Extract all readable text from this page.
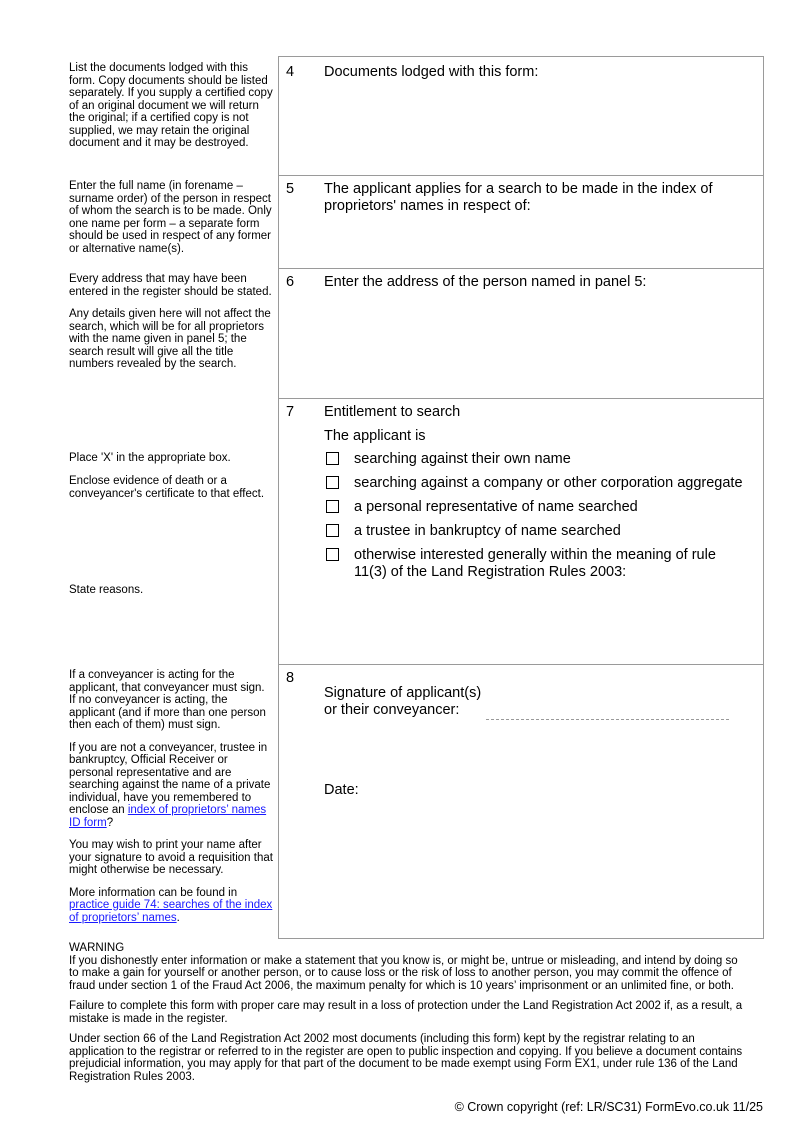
List the documents lodged with this form. Copy documents should be listed separately. If you supply a certified copy of an original document we will return the original; if a certified copy is not supplied, we may retain the original document and it may be destroyed.

Enter the full name (in forename – surname order) of the person in respect of whom the search is to be made. Only one name per form – a separate form should be used in respect of any former or alternative name(s).

Every address that may have been entered in the register should be stated.

Any details given here will not affect the search, which will be for all proprietors with the name given in panel 5; the search result will give all the title numbers revealed by the search.

Place 'X' in the appropriate box.

Enclose evidence of death or a conveyancer's certificate to that effect.

State reasons.

If a conveyancer is acting for the applicant, that conveyancer must sign. If no conveyancer is acting, the applicant (and if more than one person then each of them) must sign.

If you are not a conveyancer, trustee in bankruptcy, Official Receiver or personal representative and are searching against the name of a private individual, have you remembered to enclose an index of proprietors’ names ID form?

You may wish to print your name after your signature to avoid a requisition that might otherwise be necessary.

More information can be found in practice guide 74: searches of the index of proprietors’ names.

4 Documents lodged with this form:
5 The applicant applies for a search to be made in the index of proprietors' names in respect of:
6 Enter the address of the person named in panel 5:
7 Entitlement to search
The applicant is
searching against their own name
searching against a company or other corporation aggregate
a personal representative of name searched
a trustee in bankruptcy of name searched
otherwise interested generally within the meaning of rule 11(3) of the Land Registration Rules 2003:
8
Signature of applicant(s)
or their conveyancer:
Date:

WARNING

If you dishonestly enter information or make a statement that you know is, or might be, untrue or misleading, and intend by doing so to make a gain for yourself or another person, or to cause loss or the risk of loss to another person, you may commit the offence of fraud under section 1 of the Fraud Act 2006, the maximum penalty for which is 10 years’ imprisonment or an unlimited fine, or both.

Failure to complete this form with proper care may result in a loss of protection under the Land Registration Act 2002 if, as a result, a mistake is made in the register.

Under section 66 of the Land Registration Act 2002 most documents (including this form) kept by the registrar relating to an application to the registrar or referred to in the register are open to public inspection and copying. If you believe a document contains prejudicial information, you may apply for that part of the document to be made exempt using Form EX1, under rule 136 of the Land Registration Rules 2003.

© Crown copyright (ref: LR/SC31) FormEvo.co.uk 11/25
